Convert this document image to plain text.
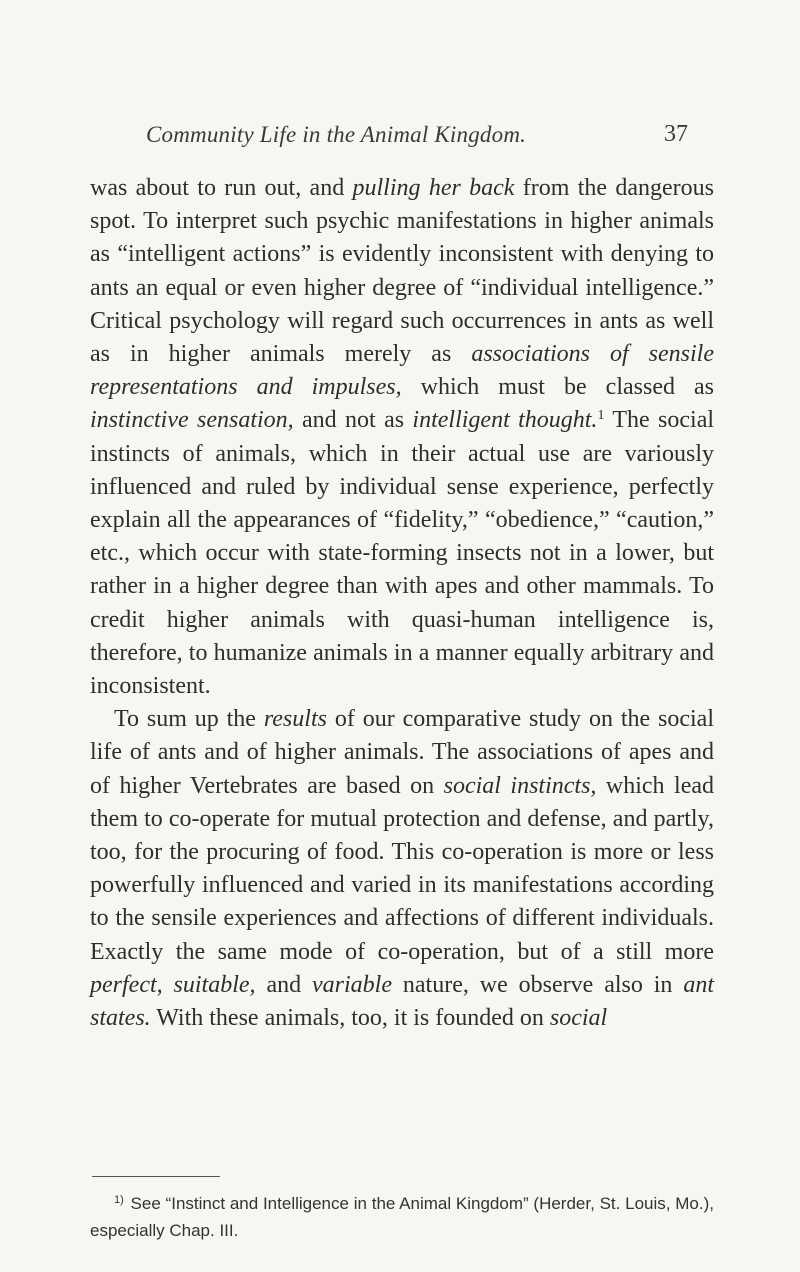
Community Life in the Animal Kingdom.	37

was about to run out, and pulling her back from the dangerous spot. To interpret such psychic manifestations in higher animals as “intelligent actions” is evidently inconsistent with denying to ants an equal or even higher degree of “individual intelligence.” Critical psychology will regard such occurrences in ants as well as in higher animals merely as associations of sensile representations and impulses, which must be classed as instinctive sensation, and not as intelligent thought.$^1$ The social instincts of animals, which in their actual use are variously influenced and ruled by individual sense experience, perfectly explain all the appearances of “fidelity,” “obedience,” “caution,” etc., which occur with state-forming insects not in a lower, but rather in a higher degree than with apes and other mammals. To credit higher animals with quasi-human intelligence is, therefore, to humanize animals in a manner equally arbitrary and inconsistent.

To sum up the results of our comparative study on the social life of ants and of higher animals. The associations of apes and of higher Vertebrates are based on social instincts, which lead them to co-operate for mutual protection and defense, and partly, too, for the procuring of food. This co-operation is more or less powerfully influenced and varied in its manifestations according to the sensile experiences and affections of different individuals. Exactly the same mode of co-operation, but of a still more perfect, suitable, and variable nature, we observe also in ant states. With these animals, too, it is founded on social

$^{1)}$ See “Instinct and Intelligence in the Animal Kingdom” (Herder, St. Louis, Mo.), especially Chap. III.
